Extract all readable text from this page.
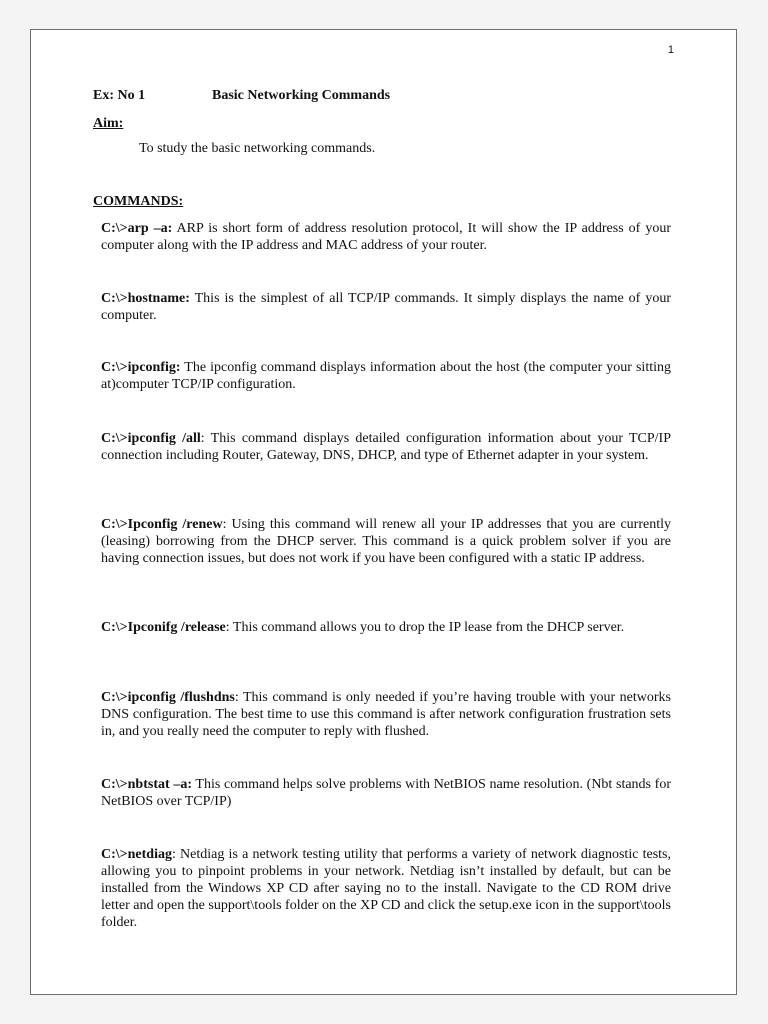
1
Ex: No 1	Basic Networking Commands
Aim:
To study the basic networking commands.
COMMANDS:
C:\>arp –a: ARP is short form of address resolution protocol, It will show the IP address of your computer along with the IP address and MAC address of your router.
C:\>hostname: This is the simplest of all TCP/IP commands. It simply displays the name of your computer.
C:\>ipconfig: The ipconfig command displays information about the host (the computer your sitting at)computer TCP/IP configuration.
C:\>ipconfig /all: This command displays detailed configuration information about your TCP/IP connection including Router, Gateway, DNS, DHCP, and type of Ethernet adapter in your system.
C:\>Ipconfig /renew: Using this command will renew all your IP addresses that you are currently (leasing) borrowing from the DHCP server. This command is a quick problem solver if you are having connection issues, but does not work if you have been configured with a static IP address.
C:\>Ipconifg /release: This command allows you to drop the IP lease from the DHCP server.
C:\>ipconfig /flushdns: This command is only needed if you’re having trouble with your networks DNS configuration. The best time to use this command is after network configuration frustration sets in, and you really need the computer to reply with flushed.
C:\>nbtstat –a: This command helps solve problems with NetBIOS name resolution. (Nbt stands for NetBIOS over TCP/IP)
C:\>netdiag: Netdiag is a network testing utility that performs a variety of network diagnostic tests, allowing you to pinpoint problems in your network. Netdiag isn’t installed by default, but can be installed from the Windows XP CD after saying no to the install. Navigate to the CD ROM drive letter and open the support\tools folder on the XP CD and click the setup.exe icon in the support\tools folder.
